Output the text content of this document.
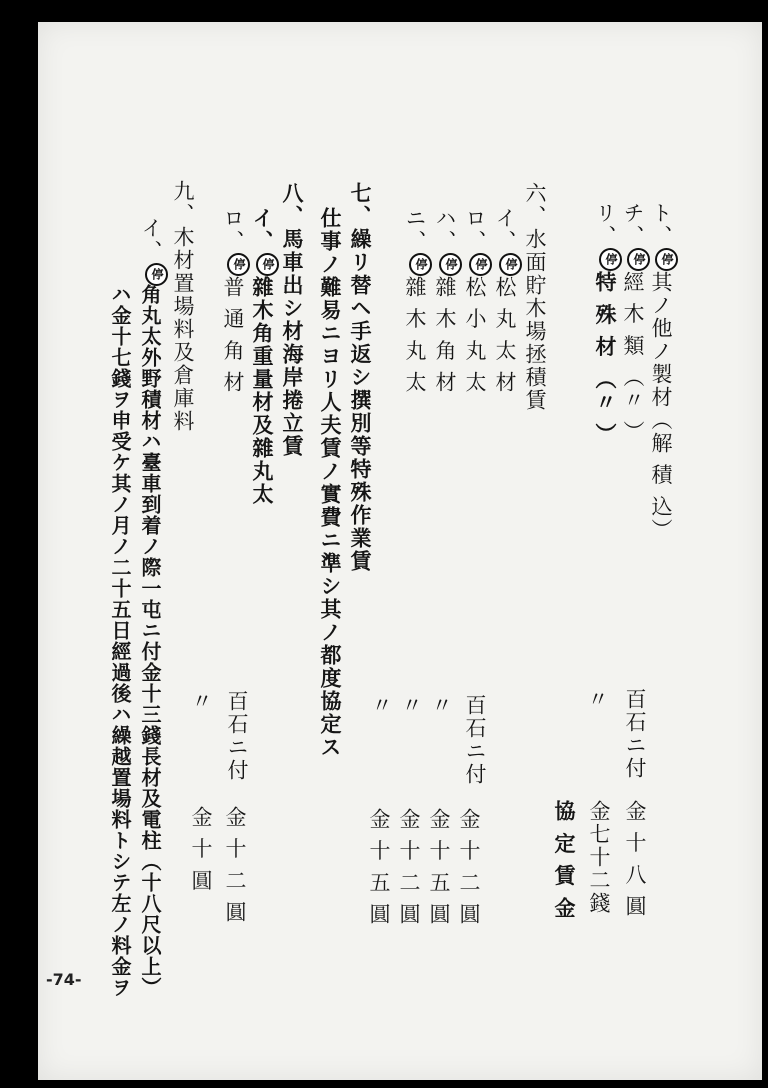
ト、停其ノ他ノ製材（解 積 込）
チ、停經 木 類 （〃 ）
リ、停特 殊 材 （〃 ）
百石ニ付
〃
金 十 八 圓
金七十二錢
協 定 賃 金
六、水面貯木場拯積賃
イ、停松 丸 太 材
ロ、停松 小 丸 太
ハ、停雜 木 角 材
ニ、停雜 木 丸 太
百石ニ付
〃
〃
〃
金 十 二 圓
金 十 五 圓
金 十 二 圓
金 十 五 圓
七、繰リ替ヘ手返シ撰別等特殊作業賃
仕事ノ難易ニヨリ人夫賃ノ實費ニ準シ其ノ都度協定ス
八、馬車出シ材海岸捲立賃
イ、停雜木角重量材及雜丸太
ロ、停普 通 角 材
百石ニ付
〃
金 十 二 圓
金 十 圓
九、木材置場料及倉庫料
イ、停
角丸太外野積材ハ臺車到着ノ際一屯ニ付金十三錢長材及電柱（十八尺以上）
ハ金十七錢ヲ申受ケ其ノ月ノ二十五日經過後ハ繰越置場料トシテ左ノ料金ヲ
-74-
